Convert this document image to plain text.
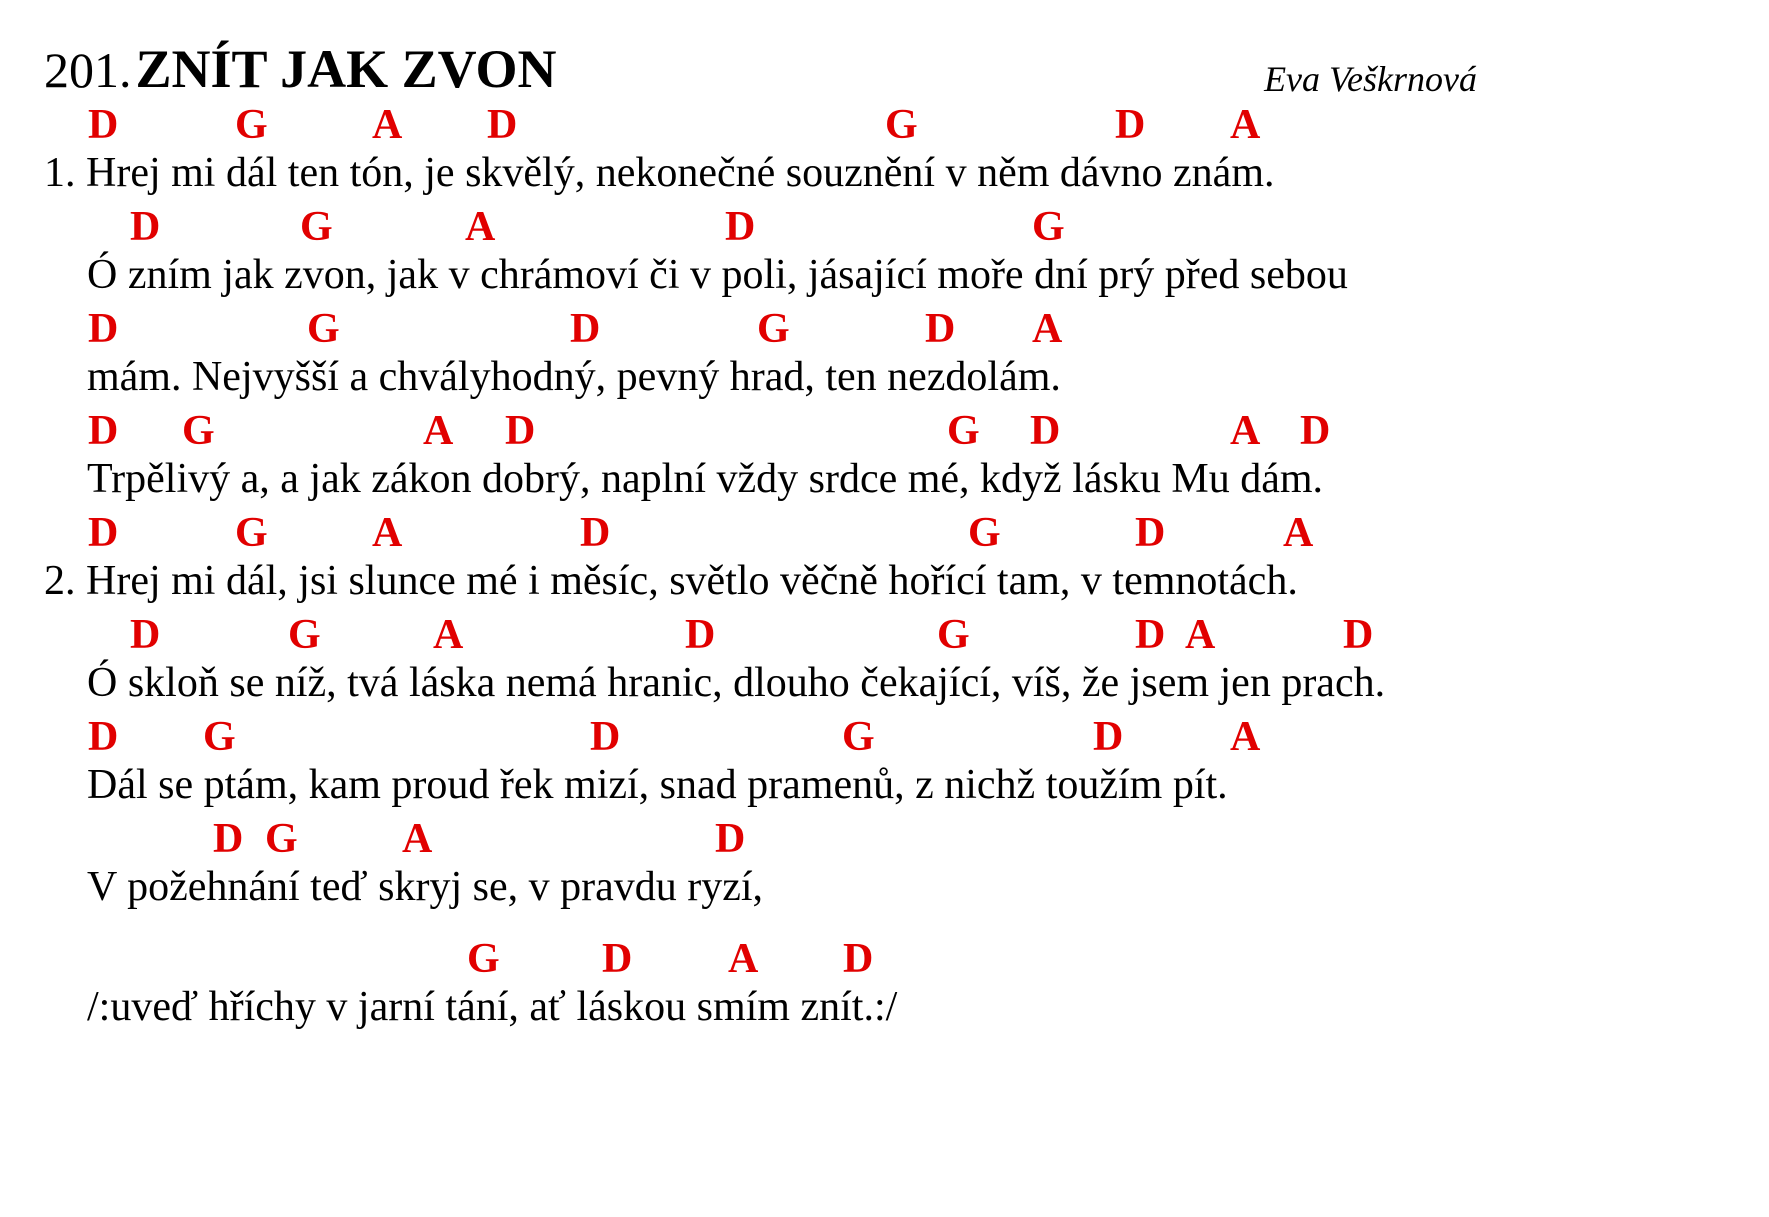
201. ZNÍT JAK ZVON	Eva Veškrnová
D	G A D	G	D A
1. Hrej mi dál ten tón, je skvělý, nekonečné souznění v něm dávno znám.
D	G	A	D	G
Ó zním jak zvon, jak v chrámoví či v poli, jásající moře dní prý před sebou
D	G	D	G	D A
mám. Nejvyšší a chvályhodný, pevný hrad, ten nezdolám.
D G	A D	G D	A D
Trpělivý a, a jak zákon dobrý, naplní vždy srdce mé, když lásku Mu dám.
D	G A	D	G	D	A
2. Hrej mi dál, jsi slunce mé i měsíc, světlo věčně hořící tam, v temnotách.
D	G	A	D	G	D A	D
Ó skloň se níž, tvá láska nemá hranic, dlouho čekající, víš, že jsem jen prach.
D G	D	G	D	A
Dál se ptám, kam proud řek mizí, snad pramenů, z nichž toužím pít.
D G A	D
V požehnání teď skryj se, v pravdu ryzí,
G D A D
/:uveď hříchy v jarní tání, ať láskou smím znít.:/
